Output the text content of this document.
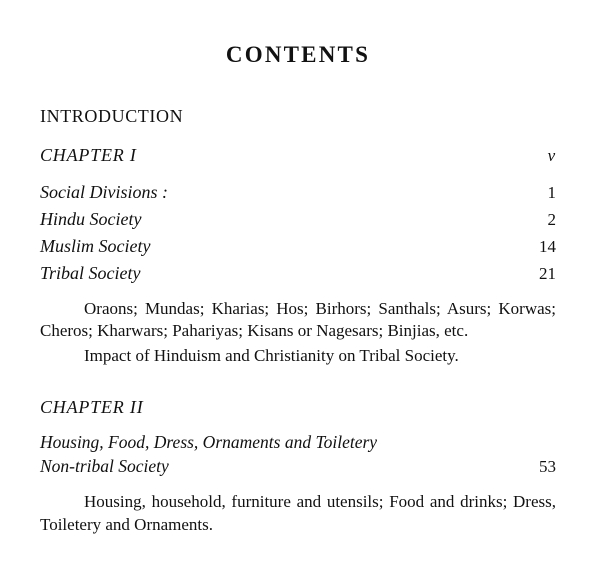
CONTENTS
INTRODUCTION
CHAPTER I	v
Social Divisions :	1
Hindu Society	2
Muslim Society	14
Tribal Society	21
Oraons; Mundas; Kharias; Hos; Birhors; Santhals; Asurs; Korwas; Cheros; Kharwars; Pahariyas; Kisans or Nagesars; Binjias, etc.
Impact of Hinduism and Christianity on Tribal Society.
CHAPTER II
Housing, Food, Dress, Ornaments and Toiletery
Non-tribal Society	53
Housing, household, furniture and utensils; Food and drinks; Dress, Toiletery and Ornaments.
